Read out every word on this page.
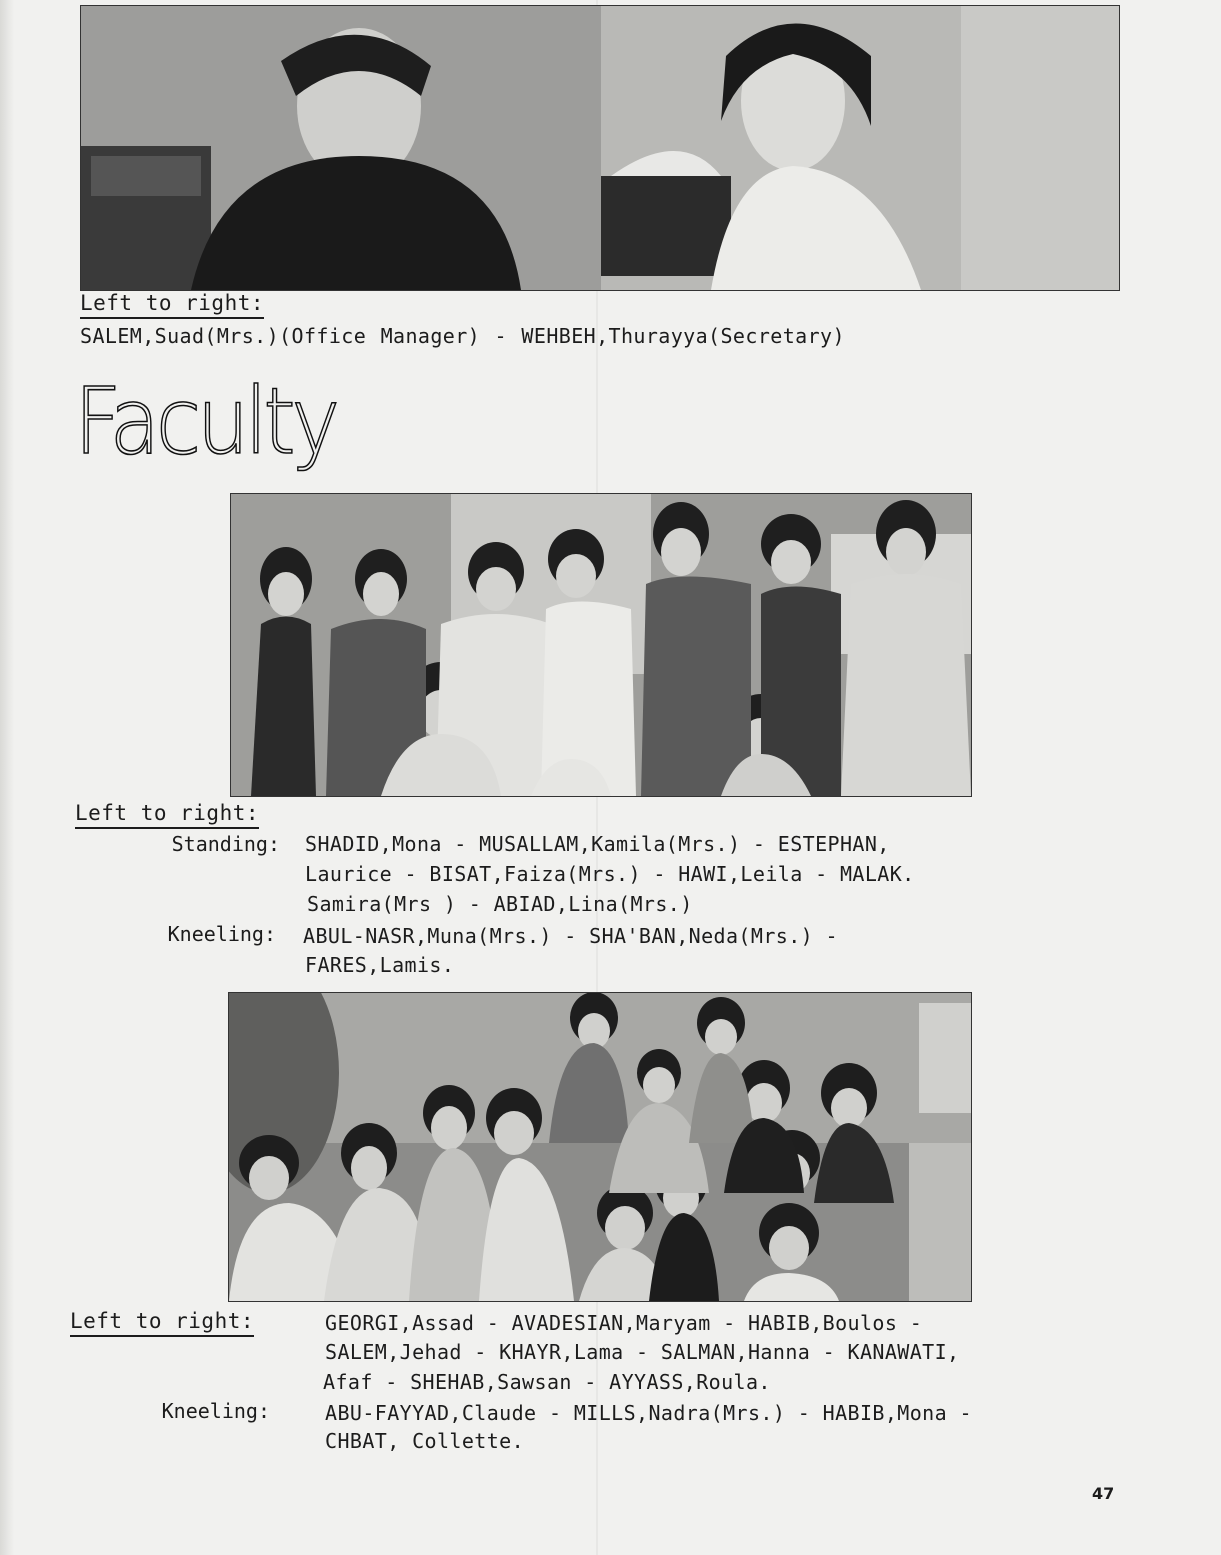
Left to right:
SALEM,Suad(Mrs.)(Office Manager) - WEHBEH,Thurayya(Secretary)
Faculty
Left to right:
Standing: SHADID,Mona - MUSALLAM,Kamila(Mrs.) - ESTEPHAN,
Laurice - BISAT,Faiza(Mrs.) - HAWI,Leila - MALAK.
Samira(Mrs ) - ABIAD,Lina(Mrs.)
Kneeling: ABUL-NASR,Muna(Mrs.) - SHA'BAN,Neda(Mrs.) -
FARES,Lamis.
Left to right:	GEORGI,Assad - AVADESIAN,Maryam - HABIB,Boulos -
SALEM,Jehad - KHAYR,Lama - SALMAN,Hanna - KANAWATI,
Afaf - SHEHAB,Sawsan - AYYASS,Roula.
Kneeling:	ABU-FAYYAD,Claude - MILLS,Nadra(Mrs.) - HABIB,Mona -
CHBAT, Collette.
47
